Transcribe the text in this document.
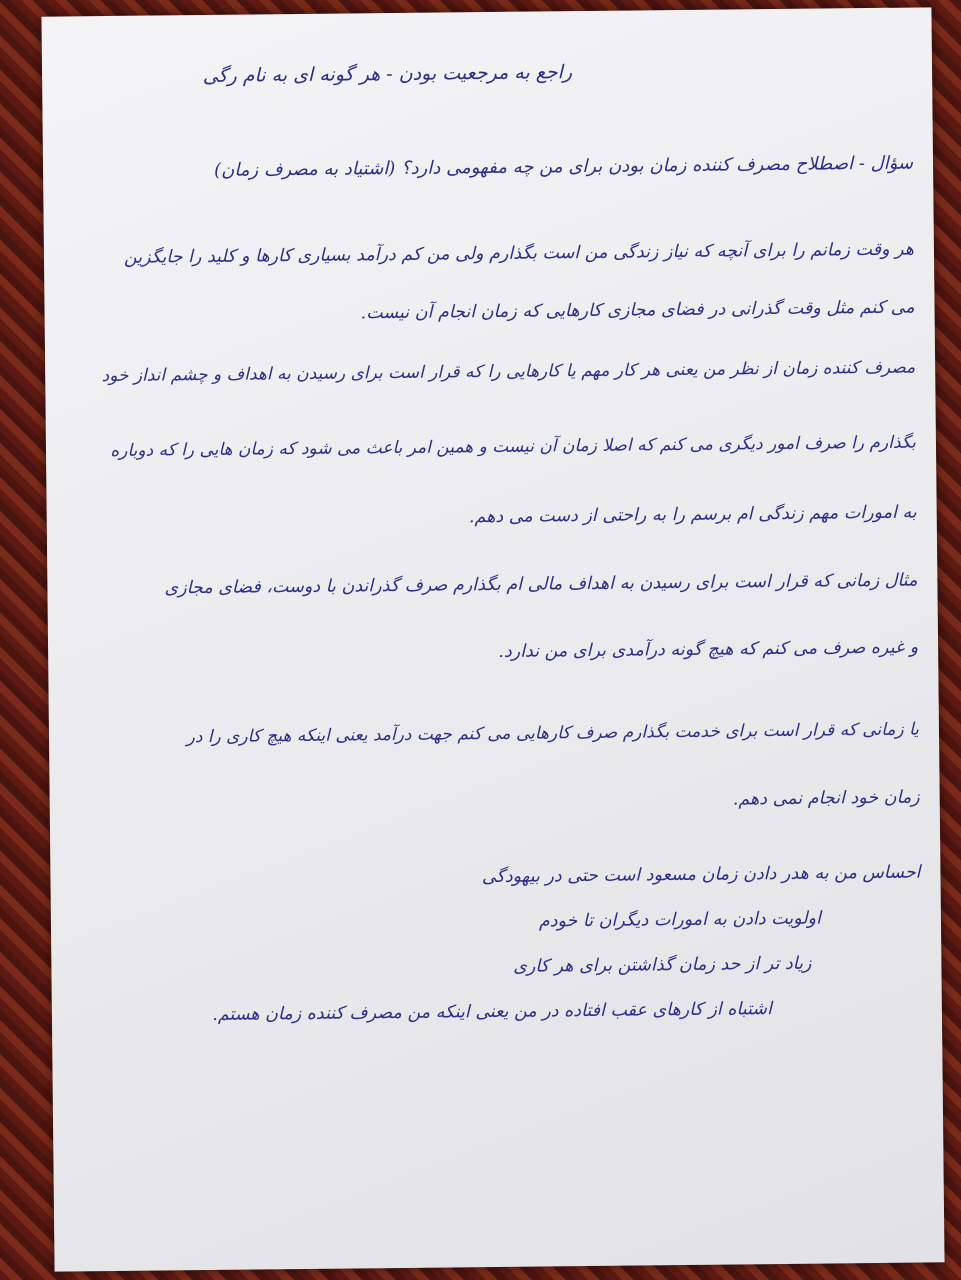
راجع به مرجعیت بودن - هر گونه ای به نام رگی
سؤال - اصطلاح مصرف کننده زمان بودن برای من چه مفهومی دارد؟ (اشتیاد به مصرف زمان)
هر وقت زمانم را برای آنچه که نیاز زندگی من است بگذارم ولی من کم درآمد بسیاری کارها و کلید را جایگزین
می کنم مثل وقت گذرانی در فضای مجازی کارهایی که زمان انجام آن نیست.
مصرف کننده زمان از نظر من یعنی هر کار مهم یا کارهایی را که قرار است برای رسیدن به اهداف و چشم انداز خود
بگذارم را صرف امور دیگری می کنم که اصلا زمان آن نیست و همین امر باعث می شود که زمان هایی را که دوباره
به امورات مهم زندگی ام برسم را به راحتی از دست می دهم.
مثال زمانی که قرار است برای رسیدن به اهداف مالی ام بگذارم صرف گذراندن با دوست، فضای مجازی
و غیره صرف می کنم که هیچ گونه درآمدی برای من ندارد.
یا زمانی که قرار است برای خدمت بگذارم صرف کارهایی می کنم جهت درآمد یعنی اینکه هیچ کاری را در
زمان خود انجام نمی دهم.
احساس من به هدر دادن زمان مسعود است حتی در بیهودگی
اولویت دادن به امورات دیگران تا خودم
زیاد تر از حد زمان گذاشتن برای هر کاری
اشتباه از کارهای عقب افتاده در من یعنی اینکه من مصرف کننده زمان هستم.
